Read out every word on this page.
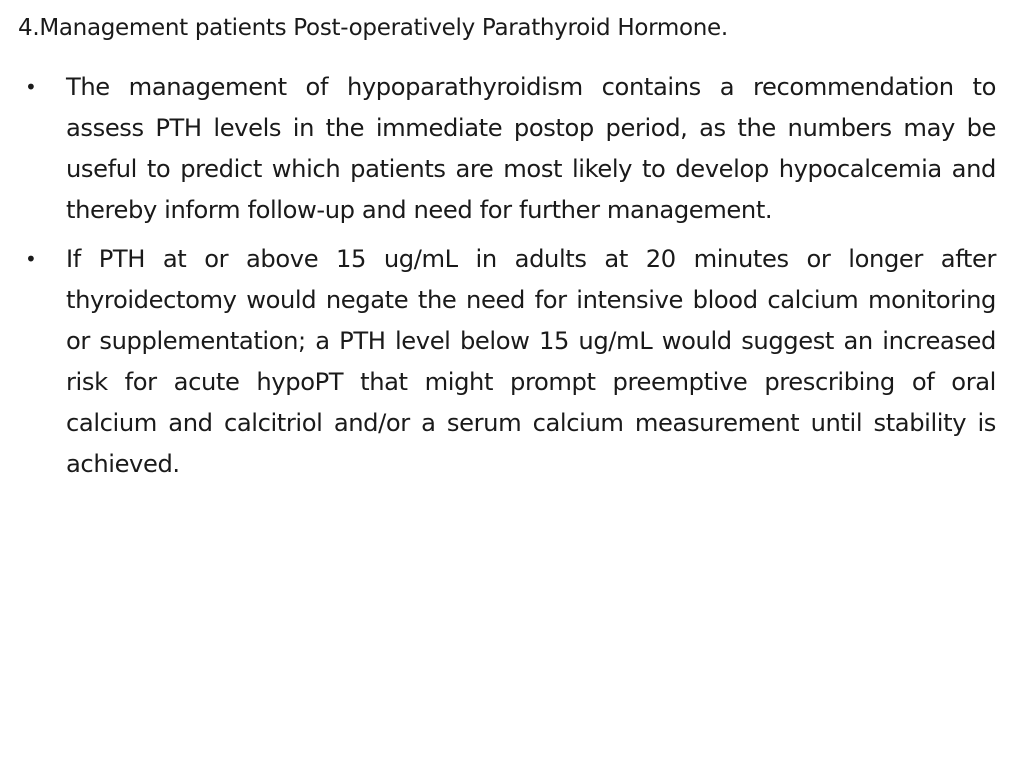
4.Management patients Post-operatively Parathyroid Hormone.
• The management of hypoparathyroidism contains a recommendation to assess PTH levels in the immediate postop period, as the numbers may be useful to predict which patients are most likely to develop hypocalcemia and thereby inform follow-up and need for further management.
• If PTH at or above 15 ug/mL in adults at 20 minutes or longer after thyroidectomy would negate the need for intensive blood calcium monitoring or supplementation; a PTH level below 15 ug/mL would suggest an increased risk for acute hypoPT that might prompt preemptive prescribing of oral calcium and calcitriol and/or a serum calcium measurement until stability is achieved.
